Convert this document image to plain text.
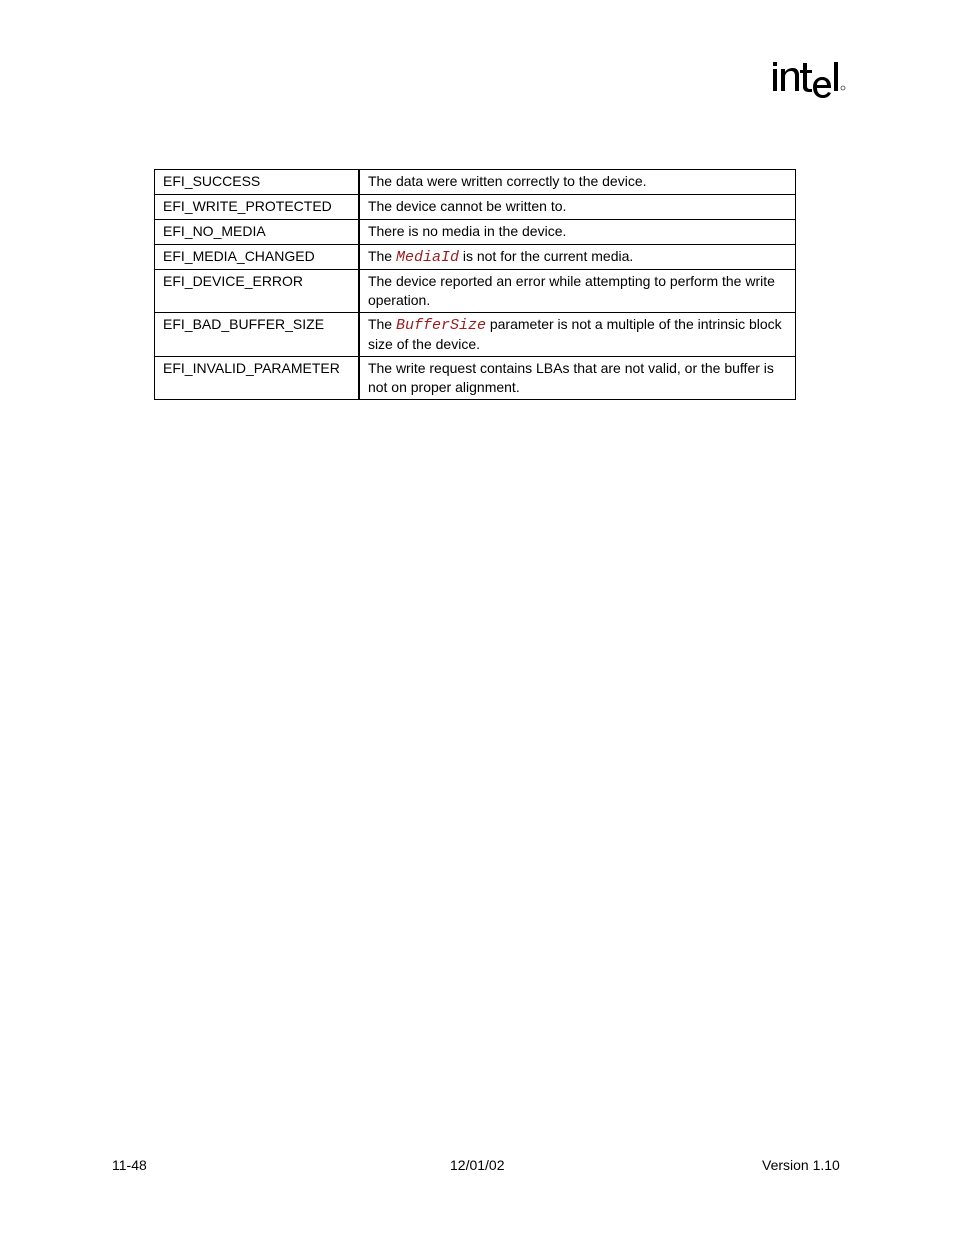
EFI_SUCCESS	The data were written correctly to the device.
EFI_WRITE_PROTECTED	The device cannot be written to.
EFI_NO_MEDIA	There is no media in the device.
EFI_MEDIA_CHANGED	The MediaId is not for the current media.
EFI_DEVICE_ERROR	The device reported an error while attempting to perform the write operation.
EFI_BAD_BUFFER_SIZE	The BufferSize parameter is not a multiple of the intrinsic block size of the device.
EFI_INVALID_PARAMETER	The write request contains LBAs that are not valid, or the buffer is not on proper alignment.
11-48	12/01/02	Version 1.10
